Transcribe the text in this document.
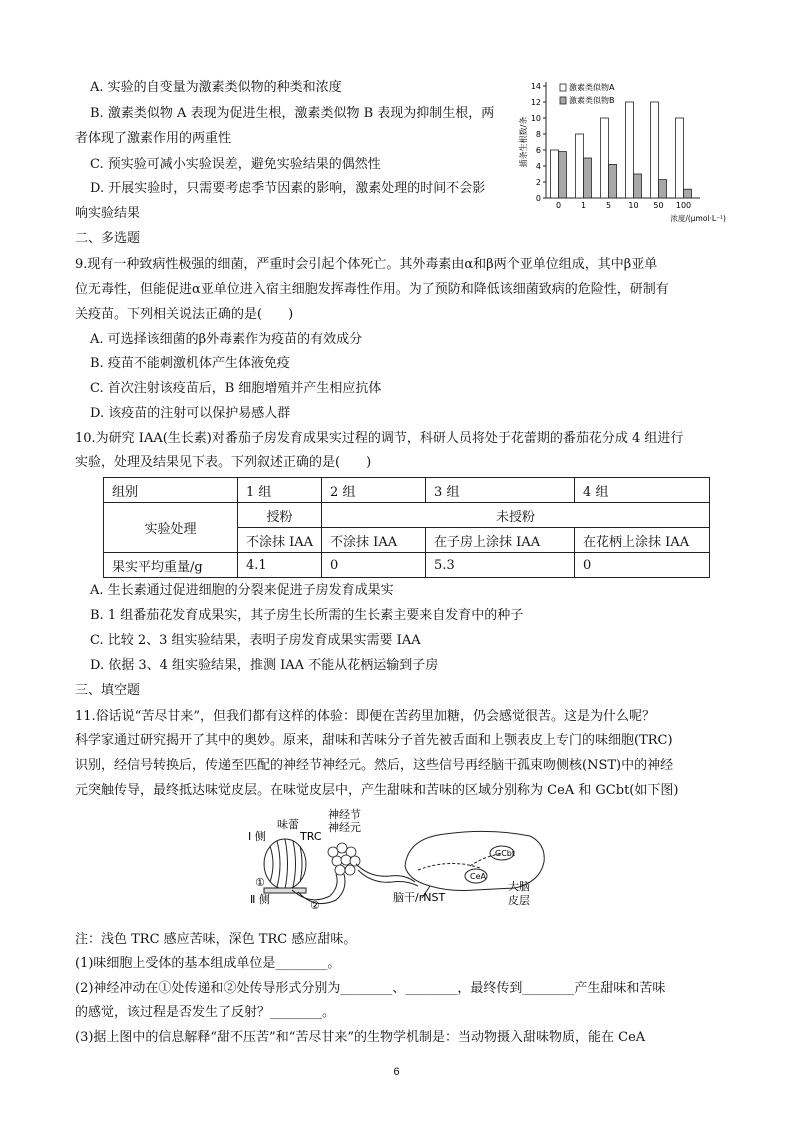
A. 实验的自变量为激素类似物的种类和浓度
B. 激素类似物 A 表现为促进生根，激素类似物 B 表现为抑制生根，两
者体现了激素作用的两重性
C. 预实验可减小实验误差，避免实验结果的偶然性
D. 开展实验时，只需要考虑季节因素的影响，激素处理的时间不会影
响实验结果
0
2
4
6
8
10
12
14
插条生根数/条
0 1 5 10 50 100
浓度/(μmol·L⁻¹)
激素类似物A
激素类似物B
二、多选题
9.现有一种致病性极强的细菌，严重时会引起个体死亡。其外毒素由α和β两个亚单位组成，其中β亚单
位无毒性，但能促进α亚单位进入宿主细胞发挥毒性作用。为了预防和降低该细菌致病的危险性，研制有
关疫苗。下列相关说法正确的是(　　)
A. 可选择该细菌的β外毒素作为疫苗的有效成分
B. 疫苗不能刺激机体产生体液免疫
C. 首次注射该疫苗后，B 细胞增殖并产生相应抗体
D. 该疫苗的注射可以保护易感人群
10.为研究 IAA(生长素)对番茄子房发育成果实过程的调节，科研人员将处于花蕾期的番茄花分成 4 组进行
实验，处理及结果见下表。下列叙述正确的是(　　)
组别	1 组	2 组	3 组	4 组
实验处理	授粉	未授粉		
	不涂抹 IAA	不涂抹 IAA	在子房上涂抹 IAA	在花柄上涂抹 IAA
果实平均重量/g	4.1	0	5.3	0
A. 生长素通过促进细胞的分裂来促进子房发育成果实
B. 1 组番茄花发育成果实，其子房生长所需的生长素主要来自发育中的种子
C. 比较 2、3 组实验结果，表明子房发育成果实需要 IAA
D. 依据 3、4 组实验结果，推测 IAA 不能从花柄运输到子房
三、填空题
11.俗话说“苦尽甘来”，但我们都有这样的体验：即便在苦药里加糖，仍会感觉很苦。这是为什么呢？
科学家通过研究揭开了其中的奥妙。原来，甜味和苦味分子首先被舌面和上颚表皮上专门的味细胞(TRC)
识别，经信号转换后，传递至匹配的神经节神经元。然后，这些信号再经脑干孤束吻侧核(NST)中的神经
元突触传导，最终抵达味觉皮层。在味觉皮层中，产生甜味和苦味的区域分别称为 CeA 和 GCbt(如下图)
GCbt
CeA
Ⅰ 侧
味蕾
TRC
神经节
神经元
①
Ⅱ 侧	②
脑干/rNST
大脑
皮层
注：浅色 TRC 感应苦味，深色 TRC 感应甜味。
(1)味细胞上受体的基本组成单位是________。
(2)神经冲动在①处传递和②处传导形式分别为________、________，最终传到________产生甜味和苦味
的感觉，该过程是否发生了反射？________。
(3)据上图中的信息解释“甜不压苦”和“苦尽甘来”的生物学机制是：当动物摄入甜味物质，能在 CeA
6
